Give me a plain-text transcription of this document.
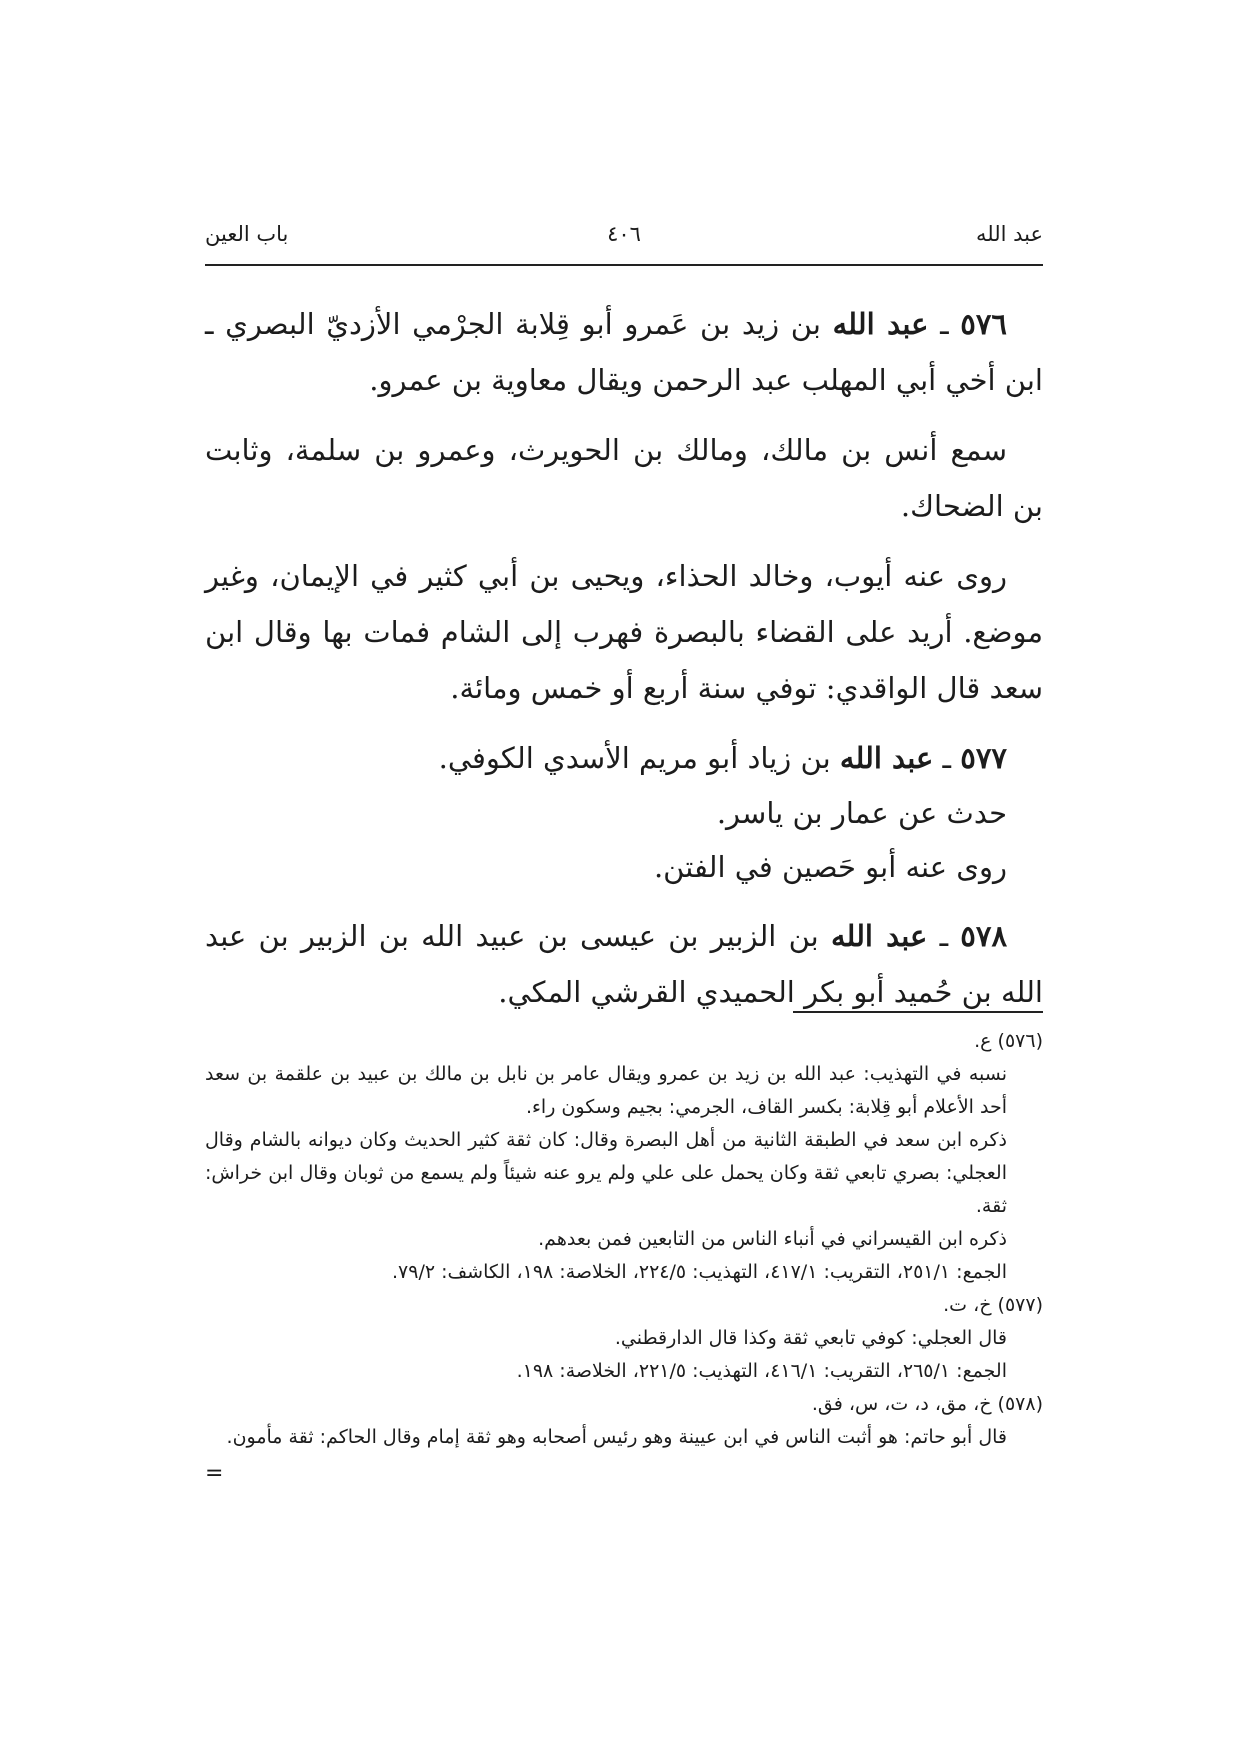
عبد الله
٤٠٦
باب العين

٥٧٦ ـ عبد الله بن زيد بن عَمرو أبو قِلابة الجرْمي الأزديّ البصري ـ ابن أخي أبي المهلب عبد الرحمن ويقال معاوية بن عمرو.

سمع أنس بن مالك، ومالك بن الحويرث، وعمرو بن سلمة، وثابت بن الضحاك.

روى عنه أيوب، وخالد الحذاء، ويحيى بن أبي كثير في الإيمان، وغير موضع. أريد على القضاء بالبصرة فهرب إلى الشام فمات بها وقال ابن سعد قال الواقدي: توفي سنة أربع أو خمس ومائة.

٥٧٧ ـ عبد الله بن زياد أبو مريم الأسدي الكوفي.

حدث عن عمار بن ياسر.

روى عنه أبو حَصين في الفتن.

٥٧٨ ـ عبد الله بن الزبير بن عيسى بن عبيد الله بن الزبير بن عبد الله بن حُميد أبو بكر الحميدي القرشي المكي.

(٥٧٦) ع.

نسبه في التهذيب: عبد الله بن زيد بن عمرو ويقال عامر بن نابل بن مالك بن عبيد بن علقمة بن سعد أحد الأعلام أبو قِلابة: بكسر القاف، الجرمي: بجيم وسكون راء.

ذكره ابن سعد في الطبقة الثانية من أهل البصرة وقال: كان ثقة كثير الحديث وكان ديوانه بالشام وقال العجلي: بصري تابعي ثقة وكان يحمل على علي ولم يرو عنه شيئاً ولم يسمع من ثوبان وقال ابن خراش: ثقة.

ذكره ابن القيسراني في أنباء الناس من التابعين فمن بعدهم.

الجمع: ٢٥١/١، التقريب: ٤١٧/١، التهذيب: ٢٢٤/٥، الخلاصة: ١٩٨، الكاشف: ٧٩/٢.

(٥٧٧) خ، ت.

قال العجلي: كوفي تابعي ثقة وكذا قال الدارقطني.

الجمع: ٢٦٥/١، التقريب: ٤١٦/١، التهذيب: ٢٢١/٥، الخلاصة: ١٩٨.

(٥٧٨) خ، مق، د، ت، س، فق.

قال أبو حاتم: هو أثبت الناس في ابن عيينة وهو رئيس أصحابه وهو ثقة إمام وقال الحاكم: ثقة مأمون.

=
